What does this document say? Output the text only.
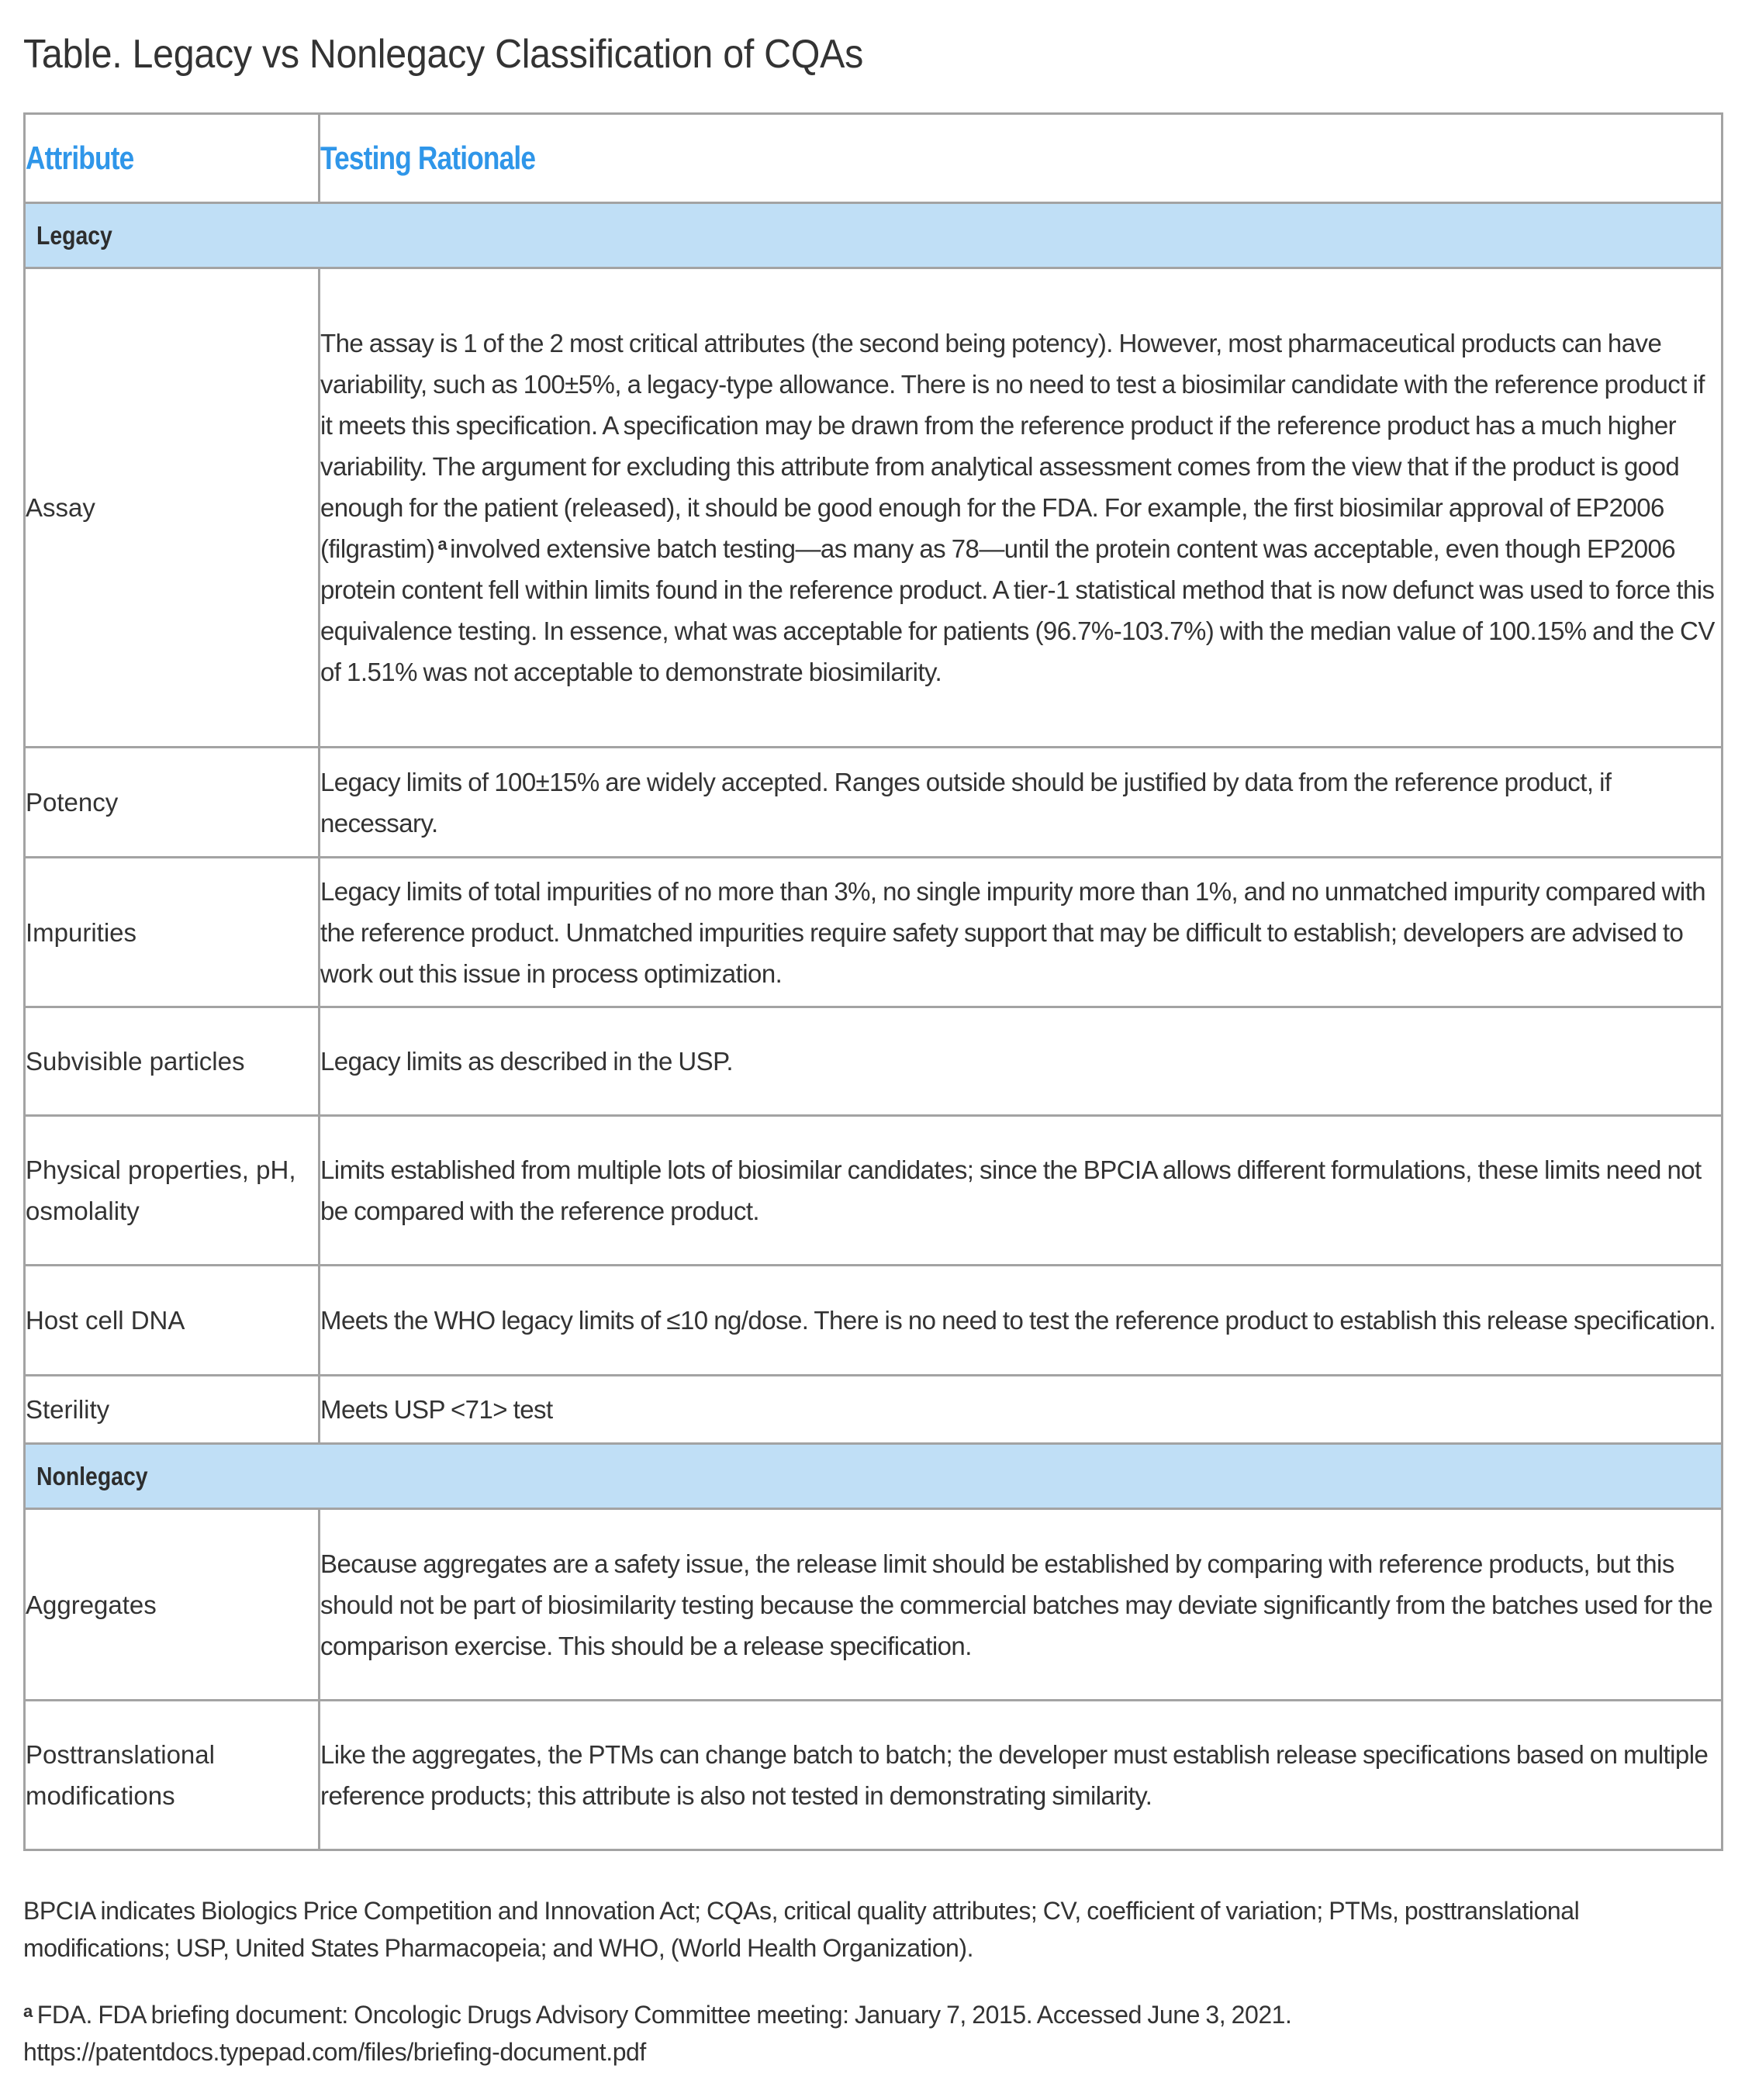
Table. Legacy vs Nonlegacy Classification of CQAs
Attribute	Testing Rationale

Legacy	
Assay	The assay is 1 of the 2 most critical attributes (the second being potency). However, most pharmaceutical products can have variability, such as 100±5%, a legacy-type allowance. There is no need to test a biosimilar candidate with the reference product if it meets this specification. A specification may be drawn from the reference product if the reference product has a much higher variability. The argument for excluding this attribute from analytical assessment comes from the view that if the product is good enough for the patient (released), it should be good enough for the FDA. For example, the first biosimilar approval of EP2006 (filgrastim) $^a$ involved extensive batch testing—as many as 78—until the protein content was acceptable, even though EP2006 protein content fell within limits found in the reference product. A tier-1 statistical method that is now defunct was used to force this equivalence testing. In essence, what was acceptable for patients (96.7%-103.7%) with the median value of 100.15% and the CV of 1.51% was not acceptable to demonstrate biosimilarity.
Potency	Legacy limits of 100±15% are widely accepted. Ranges outside should be justified by data from the reference product, if necessary.
Impurities	Legacy limits of total impurities of no more than 3%, no single impurity more than 1%, and no unmatched impurity compared with the reference product. Unmatched impurities require safety support that may be difficult to establish; developers are advised to work out this issue in process optimization.
Subvisible particles	Legacy limits as described in the USP.
Physical properties, pH, osmolality	Limits established from multiple lots of biosimilar candidates; since the BPCIA allows different formulations, these limits need not be compared with the reference product.
Host cell DNA	Meets the WHO legacy limits of ≤10 ng/dose. There is no need to test the reference product to establish this release specification.
Sterility	Meets USP <71> test
Nonlegacy	
Aggregates	Because aggregates are a safety issue, the release limit should be established by comparing with reference products, but this should not be part of biosimilarity testing because the commercial batches may deviate significantly from the batches used for the comparison exercise. This should be a release specification.
Posttranslational modifications	Like the aggregates, the PTMs can change batch to batch; the developer must establish release specifications based on multiple reference products; this attribute is also not tested in demonstrating similarity.

BPCIA indicates Biologics Price Competition and Innovation Act; CQAs, critical quality attributes; CV, coefficient of variation; PTMs, posttranslational modifications; USP, United States Pharmacopeia; and WHO, (World Health Organization).

$^a$ FDA. FDA briefing document: Oncologic Drugs Advisory Committee meeting: January 7, 2015. Accessed June 3, 2021.
https://patentdocs.typepad.com/files/briefing-document.pdf
